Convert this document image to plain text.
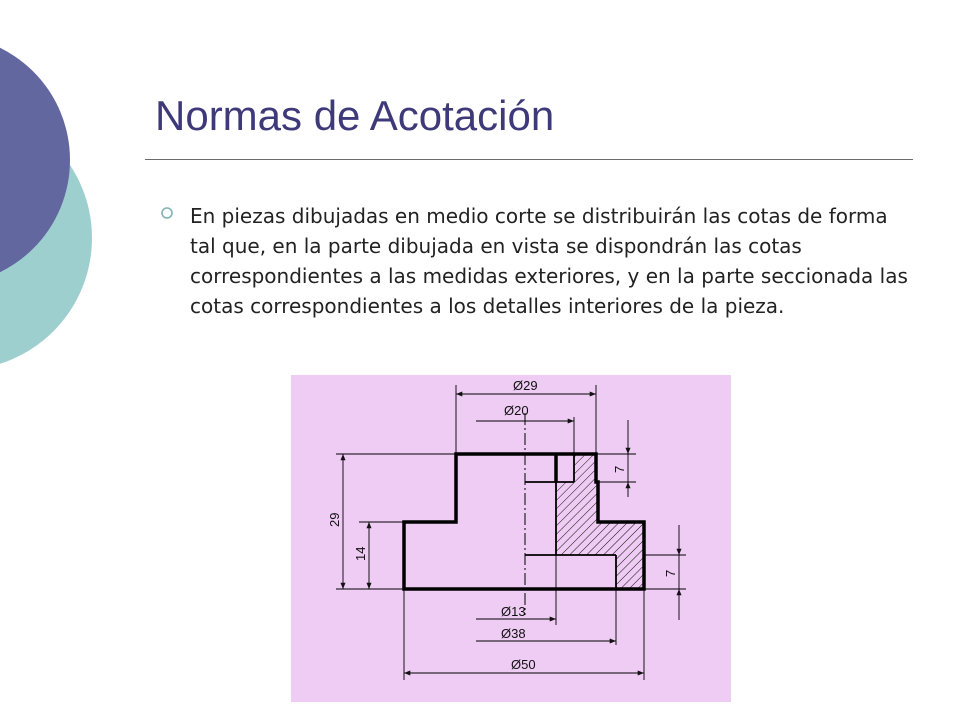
Normas de Acotación

En piezas dibujadas en medio corte se distribuirán las cotas de forma tal que, en la parte dibujada en vista se dispondrán las cotas correspondientes a las medidas exteriores, y en la parte seccionada las cotas correspondientes a los detalles interiores de la pieza.

Ø29
Ø20
Ø13
Ø38
Ø50
29
14
7
7
